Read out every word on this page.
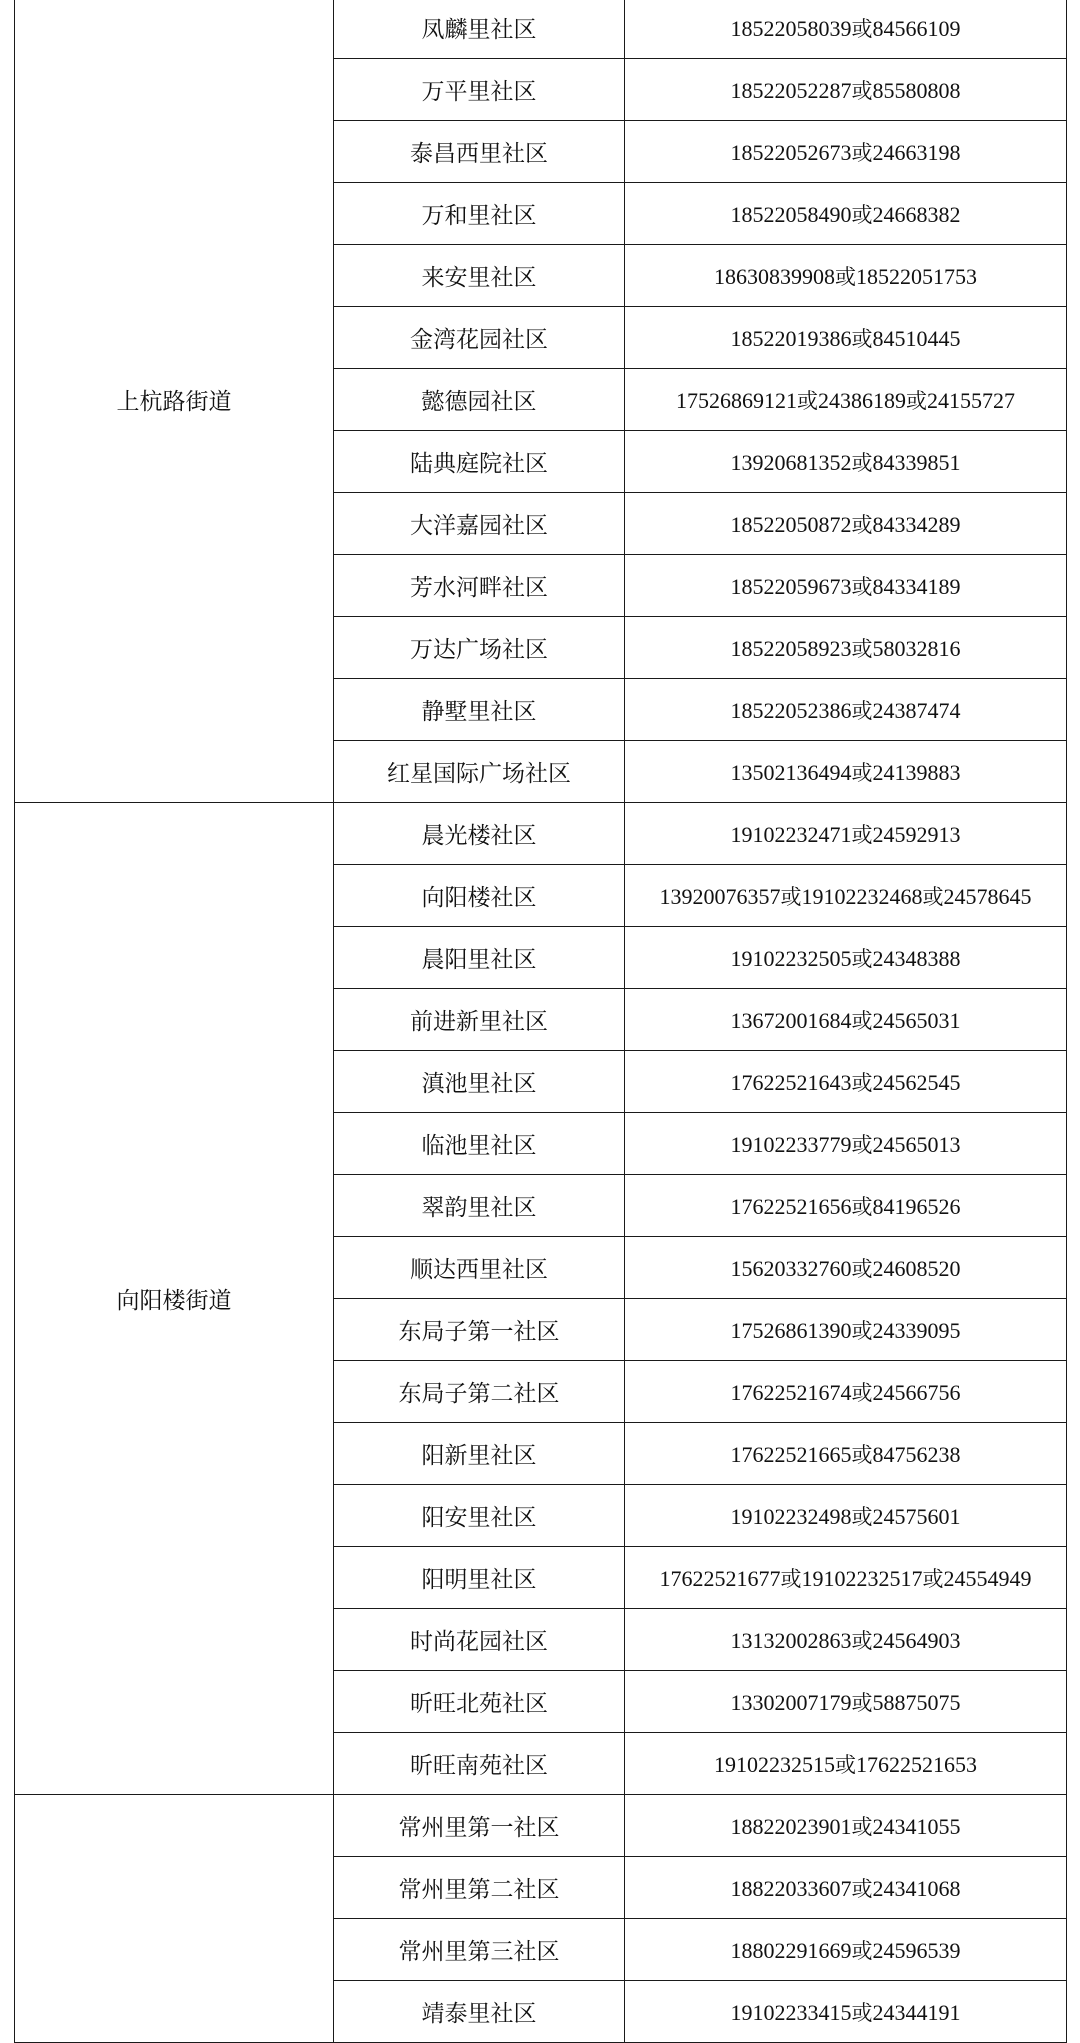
上杭路街道	凤麟里社区	18522058039或84566109
	万平里社区	18522052287或85580808
	泰昌西里社区	18522052673或24663198
	万和里社区	18522058490或24668382
	来安里社区	18630839908或18522051753
	金湾花园社区	18522019386或84510445
	懿德园社区	17526869121或24386189或24155727
	陆典庭院社区	13920681352或84339851
	大洋嘉园社区	18522050872或84334289
	芳水河畔社区	18522059673或84334189
	万达广场社区	18522058923或58032816
	静墅里社区	18522052386或24387474
	红星国际广场社区	13502136494或24139883
向阳楼街道	晨光楼社区	19102232471或24592913
	向阳楼社区	13920076357或19102232468或24578645
	晨阳里社区	19102232505或24348388
	前进新里社区	13672001684或24565031
	滇池里社区	17622521643或24562545
	临池里社区	19102233779或24565013
	翠韵里社区	17622521656或84196526
	顺达西里社区	15620332760或24608520
	东局子第一社区	17526861390或24339095
	东局子第二社区	17622521674或24566756
	阳新里社区	17622521665或84756238
	阳安里社区	19102232498或24575601
	阳明里社区	17622521677或19102232517或24554949
	时尚花园社区	13132002863或24564903
	昕旺北苑社区	13302007179或58875075
	昕旺南苑社区	19102232515或17622521653
	常州里第一社区	18822023901或24341055
	常州里第二社区	18822033607或24341068
	常州里第三社区	18802291669或24596539
	靖泰里社区	19102233415或24344191
